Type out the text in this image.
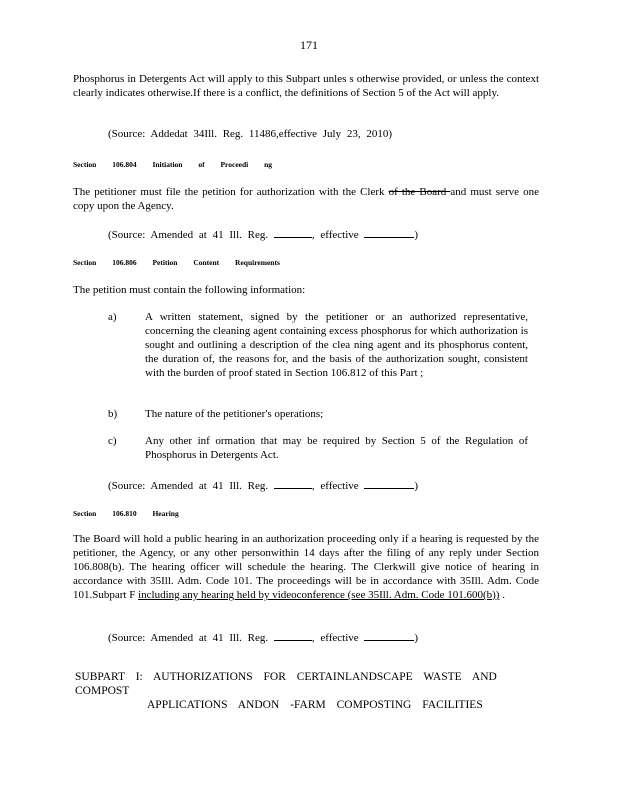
171

Phosphorus in Detergents Act will apply to this Subpart unles s otherwise provided, or unless the context clearly indicates otherwise.If there is a conflict, the definitions of Section 5 of the Act will apply.

(Source: Addedat 34Ill. Reg. 11486,effective July 23, 2010)
Section 106.804 Initiation of Proceedi ng

The petitioner must file the petition for authorization with the Clerk of the Board and must serve one copy upon the Agency.

(Source: Amended at 41 Ill. Reg.	, effective	)
Section 106.806 Petition Content Requirements
The petition must contain the following information:
a)	A written statement, signed by the petitioner or an authorized representative, concerning the cleaning agent containing excess phosphorus for which authorization is sought and outlining a description of the clea ning agent and its phosphorus content, the duration of, the reasons for, and the basis of the authorization sought, consistent with the burden of proof stated in Section 106.812 of this Part ;
b)	The nature of the petitioner's operations;
c)	Any other inf ormation that may be required by Section 5 of the Regulation of Phosphorus in Detergents Act.
(Source: Amended at 41 Ill. Reg.	, effective	)
Section 106.810 Hearing

The Board will hold a public hearing in an authorization proceeding only if a hearing is requested by the petitioner, the Agency, or any other personwithin 14 days after the filing of any reply under Section 106.808(b). The hearing officer will schedule the hearing. The Clerkwill give notice of hearing in accordance with 35Ill. Adm. Code 101. The proceedings will be in accordance with 35Ill. Adm. Code 101.Subpart F including any hearing held by videoconference (see 35Ill. Adm. Code 101.600(b)) .

(Source: Amended at 41 Ill. Reg.	, effective	)
SUBPART I: AUTHORIZATIONS FOR CERTAINLANDSCAPE WASTE AND COMPOST
APPLICATIONS ANDON -FARM COMPOSTING FACILITIES
